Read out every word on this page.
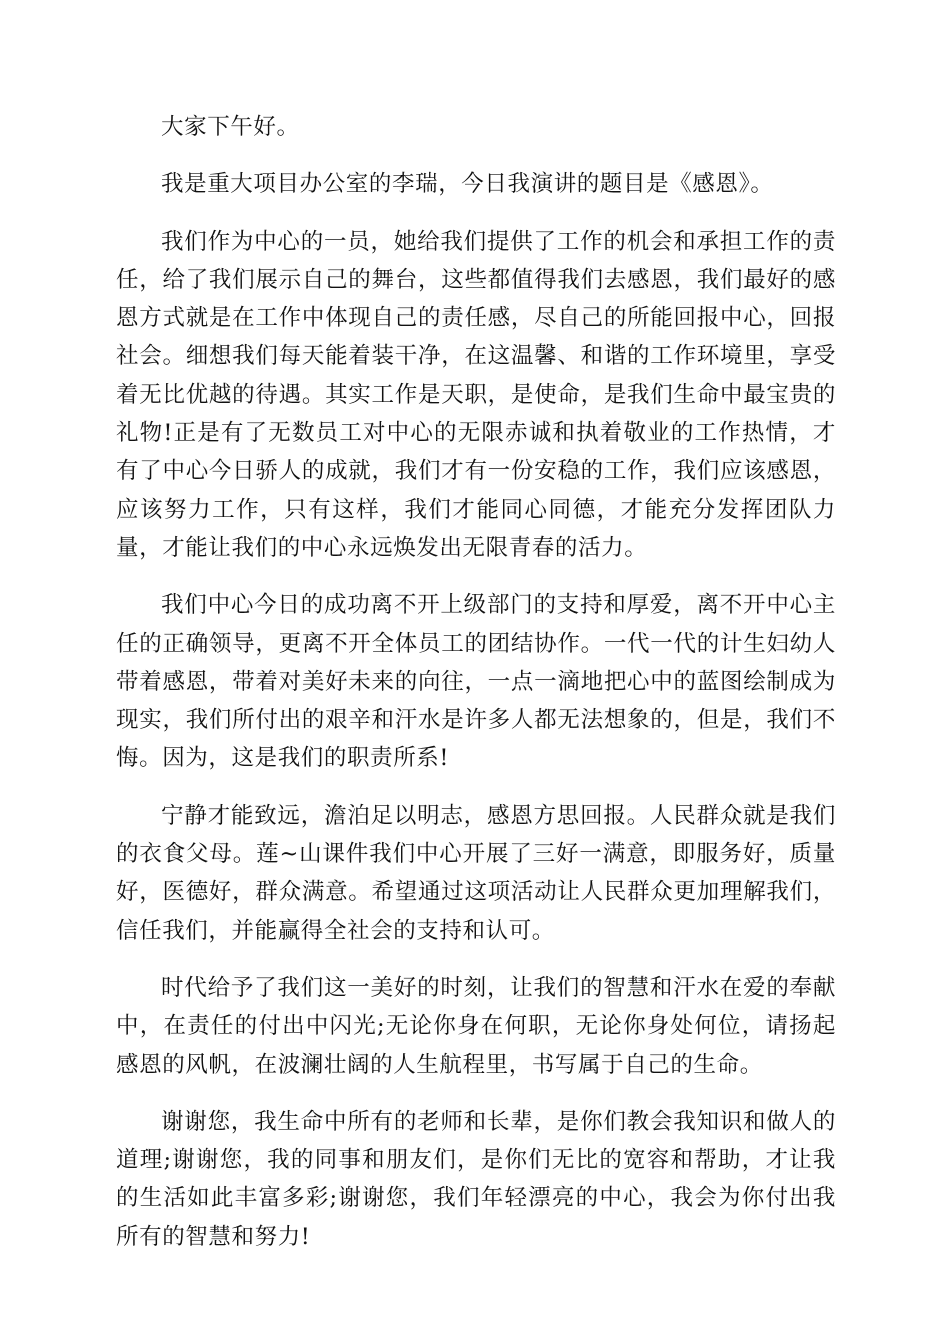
大家下午好。

我是重大项目办公室的李瑞，今日我演讲的题目是《感恩》。

我们作为中心的一员，她给我们提供了工作的机会和承担工作的责任，给了我们展示自己的舞台，这些都值得我们去感恩，我们最好的感恩方式就是在工作中体现自己的责任感，尽自己的所能回报中心，回报社会。细想我们每天能着装干净，在这温馨、和谐的工作环境里，享受着无比优越的待遇。其实工作是天职，是使命，是我们生命中最宝贵的礼物!正是有了无数员工对中心的无限赤诚和执着敬业的工作热情，才有了中心今日骄人的成就，我们才有一份安稳的工作，我们应该感恩，应该努力工作，只有这样，我们才能同心同德，才能充分发挥团队力量，才能让我们的中心永远焕发出无限青春的活力。

我们中心今日的成功离不开上级部门的支持和厚爱，离不开中心主任的正确领导，更离不开全体员工的团结协作。一代一代的计生妇幼人带着感恩，带着对美好未来的向往，一点一滴地把心中的蓝图绘制成为现实，我们所付出的艰辛和汗水是许多人都无法想象的，但是，我们不悔。因为，这是我们的职责所系!

宁静才能致远，澹泊足以明志，感恩方思回报。人民群众就是我们的衣食父母。莲~山课件我们中心开展了三好一满意，即服务好，质量好，医德好，群众满意。希望通过这项活动让人民群众更加理解我们，信任我们，并能赢得全社会的支持和认可。

时代给予了我们这一美好的时刻，让我们的智慧和汗水在爱的奉献中，在责任的付出中闪光;无论你身在何职，无论你身处何位，请扬起感恩的风帆，在波澜壮阔的人生航程里，书写属于自己的生命。

谢谢您，我生命中所有的老师和长辈，是你们教会我知识和做人的道理;谢谢您，我的同事和朋友们，是你们无比的宽容和帮助，才让我的生活如此丰富多彩;谢谢您，我们年轻漂亮的中心，我会为你付出我所有的智慧和努力!
